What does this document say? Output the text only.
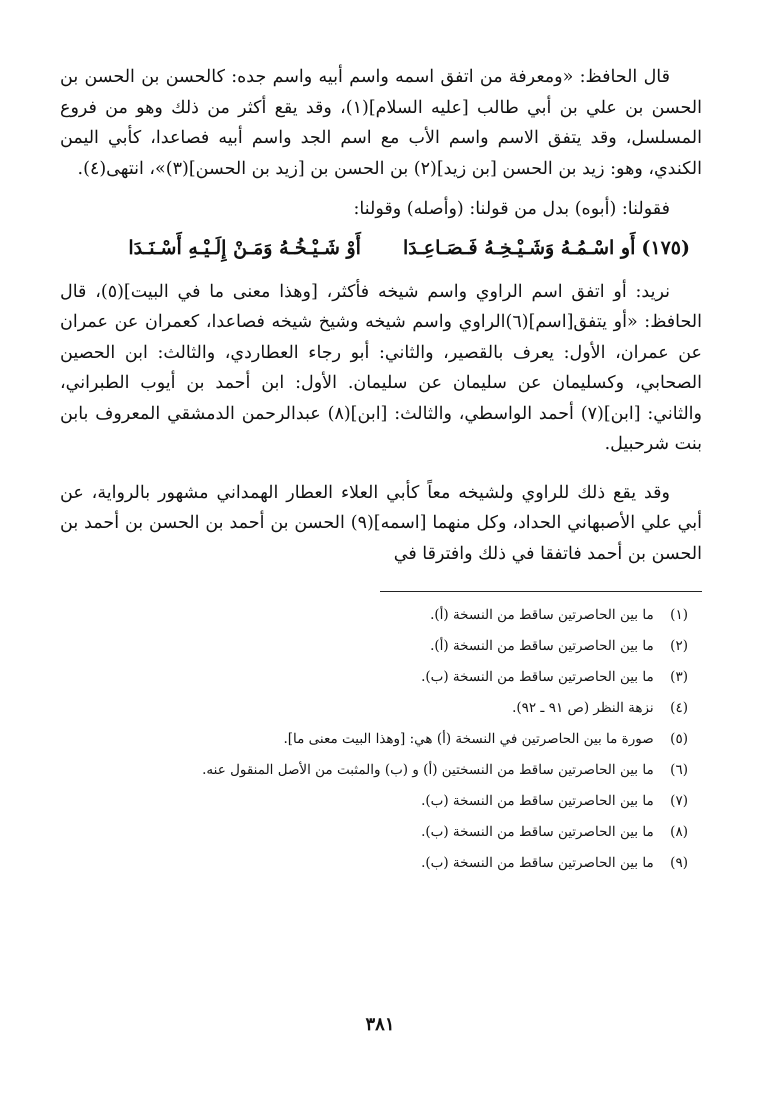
قال الحافظ: «ومعرفة من اتفق اسمه واسم أبيه واسم جده: كالحسن بن الحسن بن الحسن بن علي بن أبي طالب [عليه السلام](١)، وقد يقع أكثر من ذلك وهو من فروع المسلسل، وقد يتفق الاسم واسم الأب مع اسم الجد واسم أبيه فصاعدا، كأبي اليمن الكندي، وهو: زيد بن الحسن [بن زيد](٢) بن الحسن بن [زيد بن الحسن](٣)»، انتهى(٤).

فقولنا: (أبوه) بدل من قولنا: (وأصله) وقولنا:

(١٧٥)
أَو اسْـمُـهُ وَشَـيْـخِـهُ فَـصَـاعِـدَا
أَوْ شَـيْـخُـهُ وَمَـنْ إِلَـيْـهِ أَسْـنَـدَا

نريد: أو اتفق اسم الراوي واسم شيخه فأكثر، [وهذا معنى ما في البيت](٥)، قال الحافظ: «أو يتفق[اسم](٦)الراوي واسم شيخه وشيخ شيخه فصاعدا، كعمران عن عمران عن عمران، الأول: يعرف بالقصير، والثاني: أبو رجاء العطاردي، والثالث: ابن الحصين الصحابي، وكسليمان عن سليمان عن سليمان. الأول: ابن أحمد بن أيوب الطبراني، والثاني: [ابن](٧) أحمد الواسطي، والثالث: [ابن](٨) عبدالرحمن الدمشقي المعروف بابن بنت شرحبيل.

وقد يقع ذلك للراوي ولشيخه معاً كأبي العلاء العطار الهمداني مشهور بالرواية، عن أبي علي الأصبهاني الحداد، وكل منهما [اسمه](٩) الحسن بن أحمد بن الحسن بن أحمد بن الحسن بن أحمد فاتفقا في ذلك وافترقا في

(١) ما بين الحاصرتين ساقط من النسخة (أ).
(٢) ما بين الحاصرتين ساقط من النسخة (أ).
(٣) ما بين الحاصرتين ساقط من النسخة (ب).
(٤) نزهة النظر (ص ٩١ ـ ٩٢).
(٥) صورة ما بين الحاصرتين في النسخة (أ) هي: [وهذا البيت معنى ما].
(٦) ما بين الحاصرتين ساقط من النسختين (أ) و (ب) والمثبت من الأصل المنقول عنه.
(٧) ما بين الحاصرتين ساقط من النسخة (ب).
(٨) ما بين الحاصرتين ساقط من النسخة (ب).
(٩) ما بين الحاصرتين ساقط من النسخة (ب).
٣٨١
